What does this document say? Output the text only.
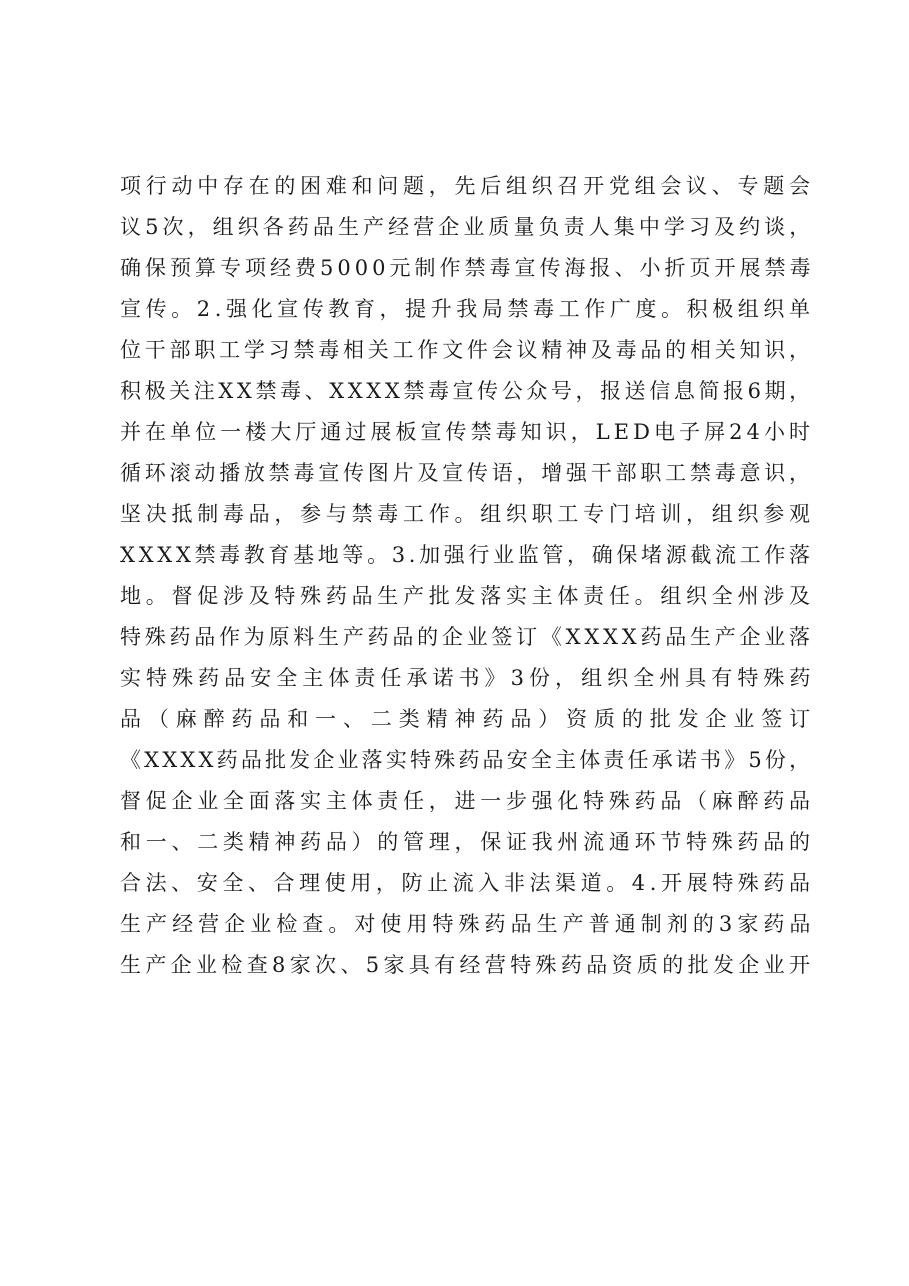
项行动中存在的困难和问题，先后组织召开党组会议、专题会
议5次，组织各药品生产经营企业质量负责人集中学习及约谈，
确保预算专项经费5000元制作禁毒宣传海报、小折页开展禁毒
宣传。2.强化宣传教育，提升我局禁毒工作广度。积极组织单
位干部职工学习禁毒相关工作文件会议精神及毒品的相关知识，
积极关注XX禁毒、XXXX禁毒宣传公众号，报送信息简报6期，
并在单位一楼大厅通过展板宣传禁毒知识，LED电子屏24小时
循环滚动播放禁毒宣传图片及宣传语，增强干部职工禁毒意识，
坚决抵制毒品，参与禁毒工作。组织职工专门培训，组织参观
XXXX禁毒教育基地等。3.加强行业监管，确保堵源截流工作落
地。督促涉及特殊药品生产批发落实主体责任。组织全州涉及
特殊药品作为原料生产药品的企业签订《XXXX药品生产企业落
实特殊药品安全主体责任承诺书》3份，组织全州具有特殊药
品（麻醉药品和一、二类精神药品）资质的批发企业签订
《XXXX药品批发企业落实特殊药品安全主体责任承诺书》5份，
督促企业全面落实主体责任，进一步强化特殊药品（麻醉药品
和一、二类精神药品）的管理，保证我州流通环节特殊药品的
合法、安全、合理使用，防止流入非法渠道。4.开展特殊药品
生产经营企业检查。对使用特殊药品生产普通制剂的3家药品
生产企业检查8家次、5家具有经营特殊药品资质的批发企业开
